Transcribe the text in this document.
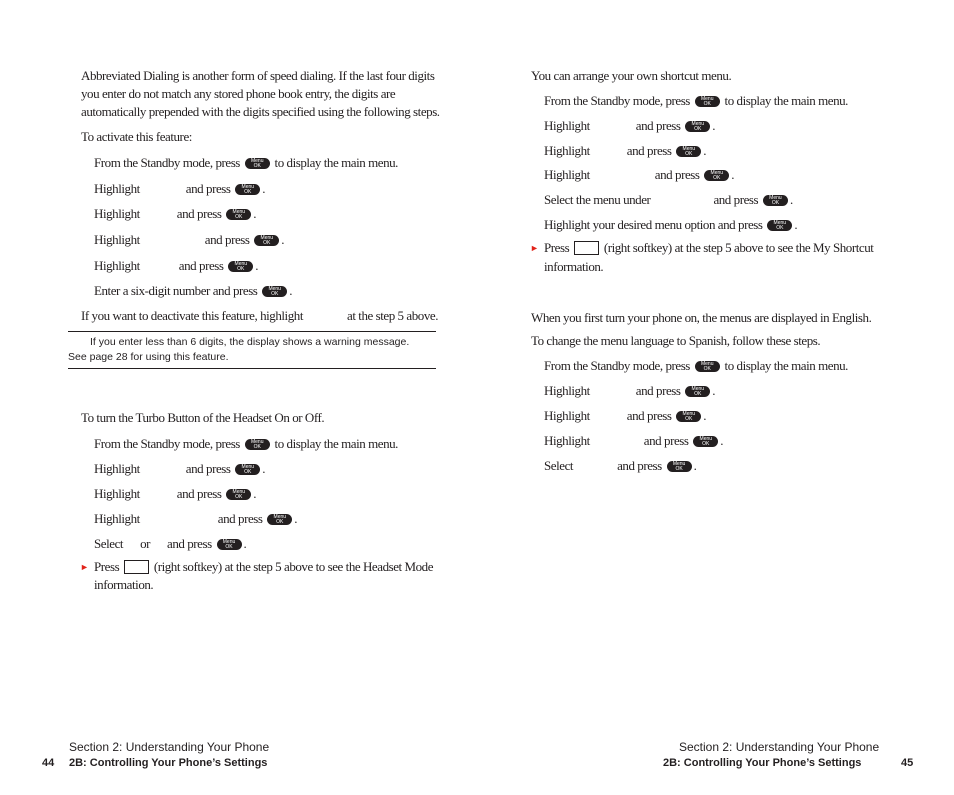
Abbreviated Dialing is another form of speed dialing. If the last four digits
you enter do not match any stored phone book entry, the digits are
automatically prepended with the digits specified using the following steps.
To activate this feature:
From the Standby mode, press	Menu
OK	to display the main menu.
Highlight	and press	Menu
OK .
Highlight	and press	Menu
OK .
Highlight	and press	Menu
OK .
Highlight	and press	Menu
OK .
Enter a six-digit number and press	Menu
OK .
If you want to deactivate this feature, highlight	at the step 5 above.
If you enter less than 6 digits, the display shows a warning message.
See page 28 for using this feature.
To turn the Turbo Button of the Headset On or Off.
From the Standby mode, press	Menu
OK	to display the main menu.
Highlight	and press	Menu
OK .
Highlight	and press	Menu
OK .
Highlight	and press	Menu
OK .
Select or and press	Menu
OK .
► Press	(right softkey) at the step 5 above to see the Headset Mode
information.
Section 2: Understanding Your Phone
44 2B: Controlling Your Phone’s Settings
You can arrange your own shortcut menu.
From the Standby mode, press	Menu
OK	to display the main menu.
Highlight	and press	Menu
OK .
Highlight	and press	Menu
OK .
Highlight	and press	Menu
OK .
Select the menu under	and press	Menu
OK .
Highlight your desired menu option and press	Menu
OK .
► Press	(right softkey) at the step 5 above to see the My Shortcut
information.
When you first turn your phone on, the menus are displayed in English.
To change the menu language to Spanish, follow these steps.
From the Standby mode, press	Menu
OK	to display the main menu.
Highlight	and press	Menu
OK .
Highlight	and press	Menu
OK .
Highlight	and press	Menu
OK .
Select	and press	Menu
OK .
Section 2: Understanding Your Phone
2B: Controlling Your Phone’s Settings	45
